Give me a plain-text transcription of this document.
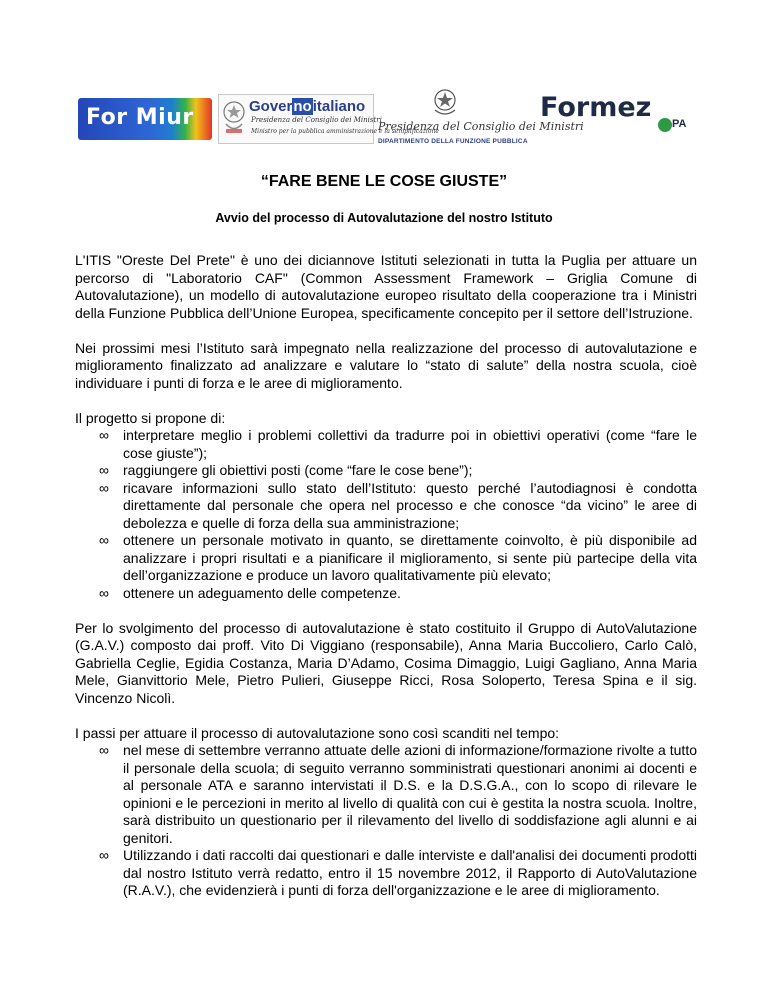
For Miur	Governoitaliano
Presidenza del Consiglio dei Ministri
Ministro per la pubblica amministrazione e la semplificazione
Presidenza del Consiglio dei Ministri
DIPARTIMENTO DELLA FUNZIONE PUBBLICA
Formez
PA
“FARE BENE LE COSE GIUSTE”
Avvio del processo di Autovalutazione del nostro Istituto

L'ITIS "Oreste Del Prete" è uno dei diciannove Istituti selezionati in tutta la Puglia per attuare un percorso di "Laboratorio CAF" (Common Assessment Framework – Griglia Comune di Autovalutazione), un modello di autovalutazione europeo risultato della cooperazione tra i Ministri della Funzione Pubblica dell’Unione Europea, specificamente concepito per il settore dell’Istruzione.

Nei prossimi mesi l’Istituto sarà impegnato nella realizzazione del processo di autovalutazione e miglioramento finalizzato ad analizzare e valutare lo “stato di salute” della nostra scuola, cioè individuare i punti di forza e le aree di miglioramento.

Il progetto si propone di:

∞	interpretare meglio i problemi collettivi da tradurre poi in obiettivi operativi (come “fare le cose giuste”);
∞	raggiungere gli obiettivi posti (come “fare le cose bene”);
∞	ricavare informazioni sullo stato dell’Istituto: questo perché l’autodiagnosi è condotta direttamente dal personale che opera nel processo e che conosce “da vicino” le aree di debolezza e quelle di forza della sua amministrazione;
∞	ottenere un personale motivato in quanto, se direttamente coinvolto, è più disponibile ad analizzare i propri risultati e a pianificare il miglioramento, si sente più partecipe della vita dell’organizzazione e produce un lavoro qualitativamente più elevato;
∞	ottenere un adeguamento delle competenze.

Per lo svolgimento del processo di autovalutazione è stato costituito il Gruppo di AutoValutazione (G.A.V.) composto dai proff. Vito Di Viggiano (responsabile), Anna Maria Buccoliero, Carlo Calò, Gabriella Ceglie, Egidia Costanza, Maria D’Adamo, Cosima Dimaggio, Luigi Gagliano, Anna Maria Mele, Gianvittorio Mele, Pietro Pulieri, Giuseppe Ricci, Rosa Soloperto, Teresa Spina e il sig. Vincenzo Nicolì.

I passi per attuare il processo di autovalutazione sono così scanditi nel tempo:

∞	nel mese di settembre verranno attuate delle azioni di informazione/formazione rivolte a tutto il personale della scuola; di seguito verranno somministrati questionari anonimi ai docenti e al personale ATA e saranno intervistati il D.S. e la D.S.G.A., con lo scopo di rilevare le opinioni e le percezioni in merito al livello di qualità con cui è gestita la nostra scuola. Inoltre, sarà distribuito un questionario per il rilevamento del livello di soddisfazione agli alunni e ai genitori.
∞	Utilizzando i dati raccolti dai questionari e dalle interviste e dall'analisi dei documenti prodotti dal nostro Istituto verrà redatto, entro il 15 novembre 2012, il Rapporto di AutoValutazione (R.A.V.), che evidenzierà i punti di forza dell'organizzazione e le aree di miglioramento.
